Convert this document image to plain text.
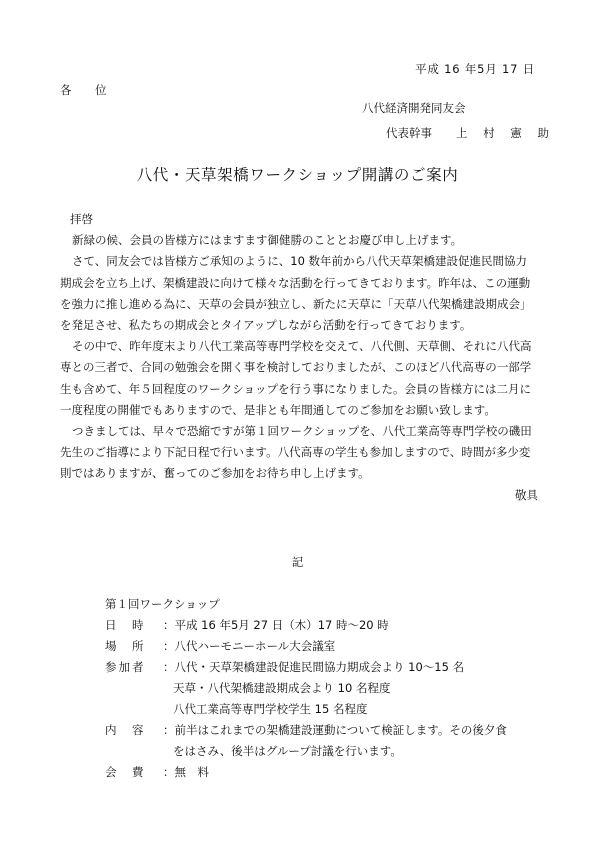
平成 16 年5月 17 日
各　位
八代経済開発同友会
代表幹事 上 村 憲 助
八代・天草架橋ワークショップ開講のご案内

拝啓

新緑の候、会員の皆様方にはますます御健勝のこととお慶び申し上げます。

さて、同友会では皆様方ご承知のように、10 数年前から八代天草架橋建設促進民間協力期成会を立ち上げ、架橋建設に向けて様々な活動を行ってきております。昨年は、この運動を強力に推し進める為に、天草の会員が独立し、新たに天草に「天草八代架橋建設期成会」を発足させ、私たちの期成会とタイアップしながら活動を行ってきております。

その中で、昨年度末より八代工業高等専門学校を交えて、八代側、天草側、それに八代高専との三者で、合同の勉強会を開く事を検討しておりましたが、このほど八代高専の一部学生も含めて、年５回程度のワークショップを行う事になりました。会員の皆様方には二月に一度程度の開催でもありますので、是非とも年間通してのご参加をお願い致します。

つきましては、早々で恐縮ですが第１回ワークショップを、八代工業高等専門学校の磯田先生のご指導により下記日程で行います。八代高専の学生も参加しますので、時間が多少変則ではありますが、奮ってのご参加をお待ち申し上げます。

敬具

記
第１回ワークショップ
日　時	：平成 16 年5月 27 日（木）17 時～20 時
場　所	：八代ハーモニーホール大会議室
参加者	：八代・天草架橋建設促進民間協力期成会より 10～15 名
天草・八代架橋建設期成会より 10 名程度
八代工業高等専門学校学生 15 名程度
内　容	：前半はこれまでの架橋建設運動について検証します。その後夕食
をはさみ、後半はグループ討議を行います。
会　費	：無　料
